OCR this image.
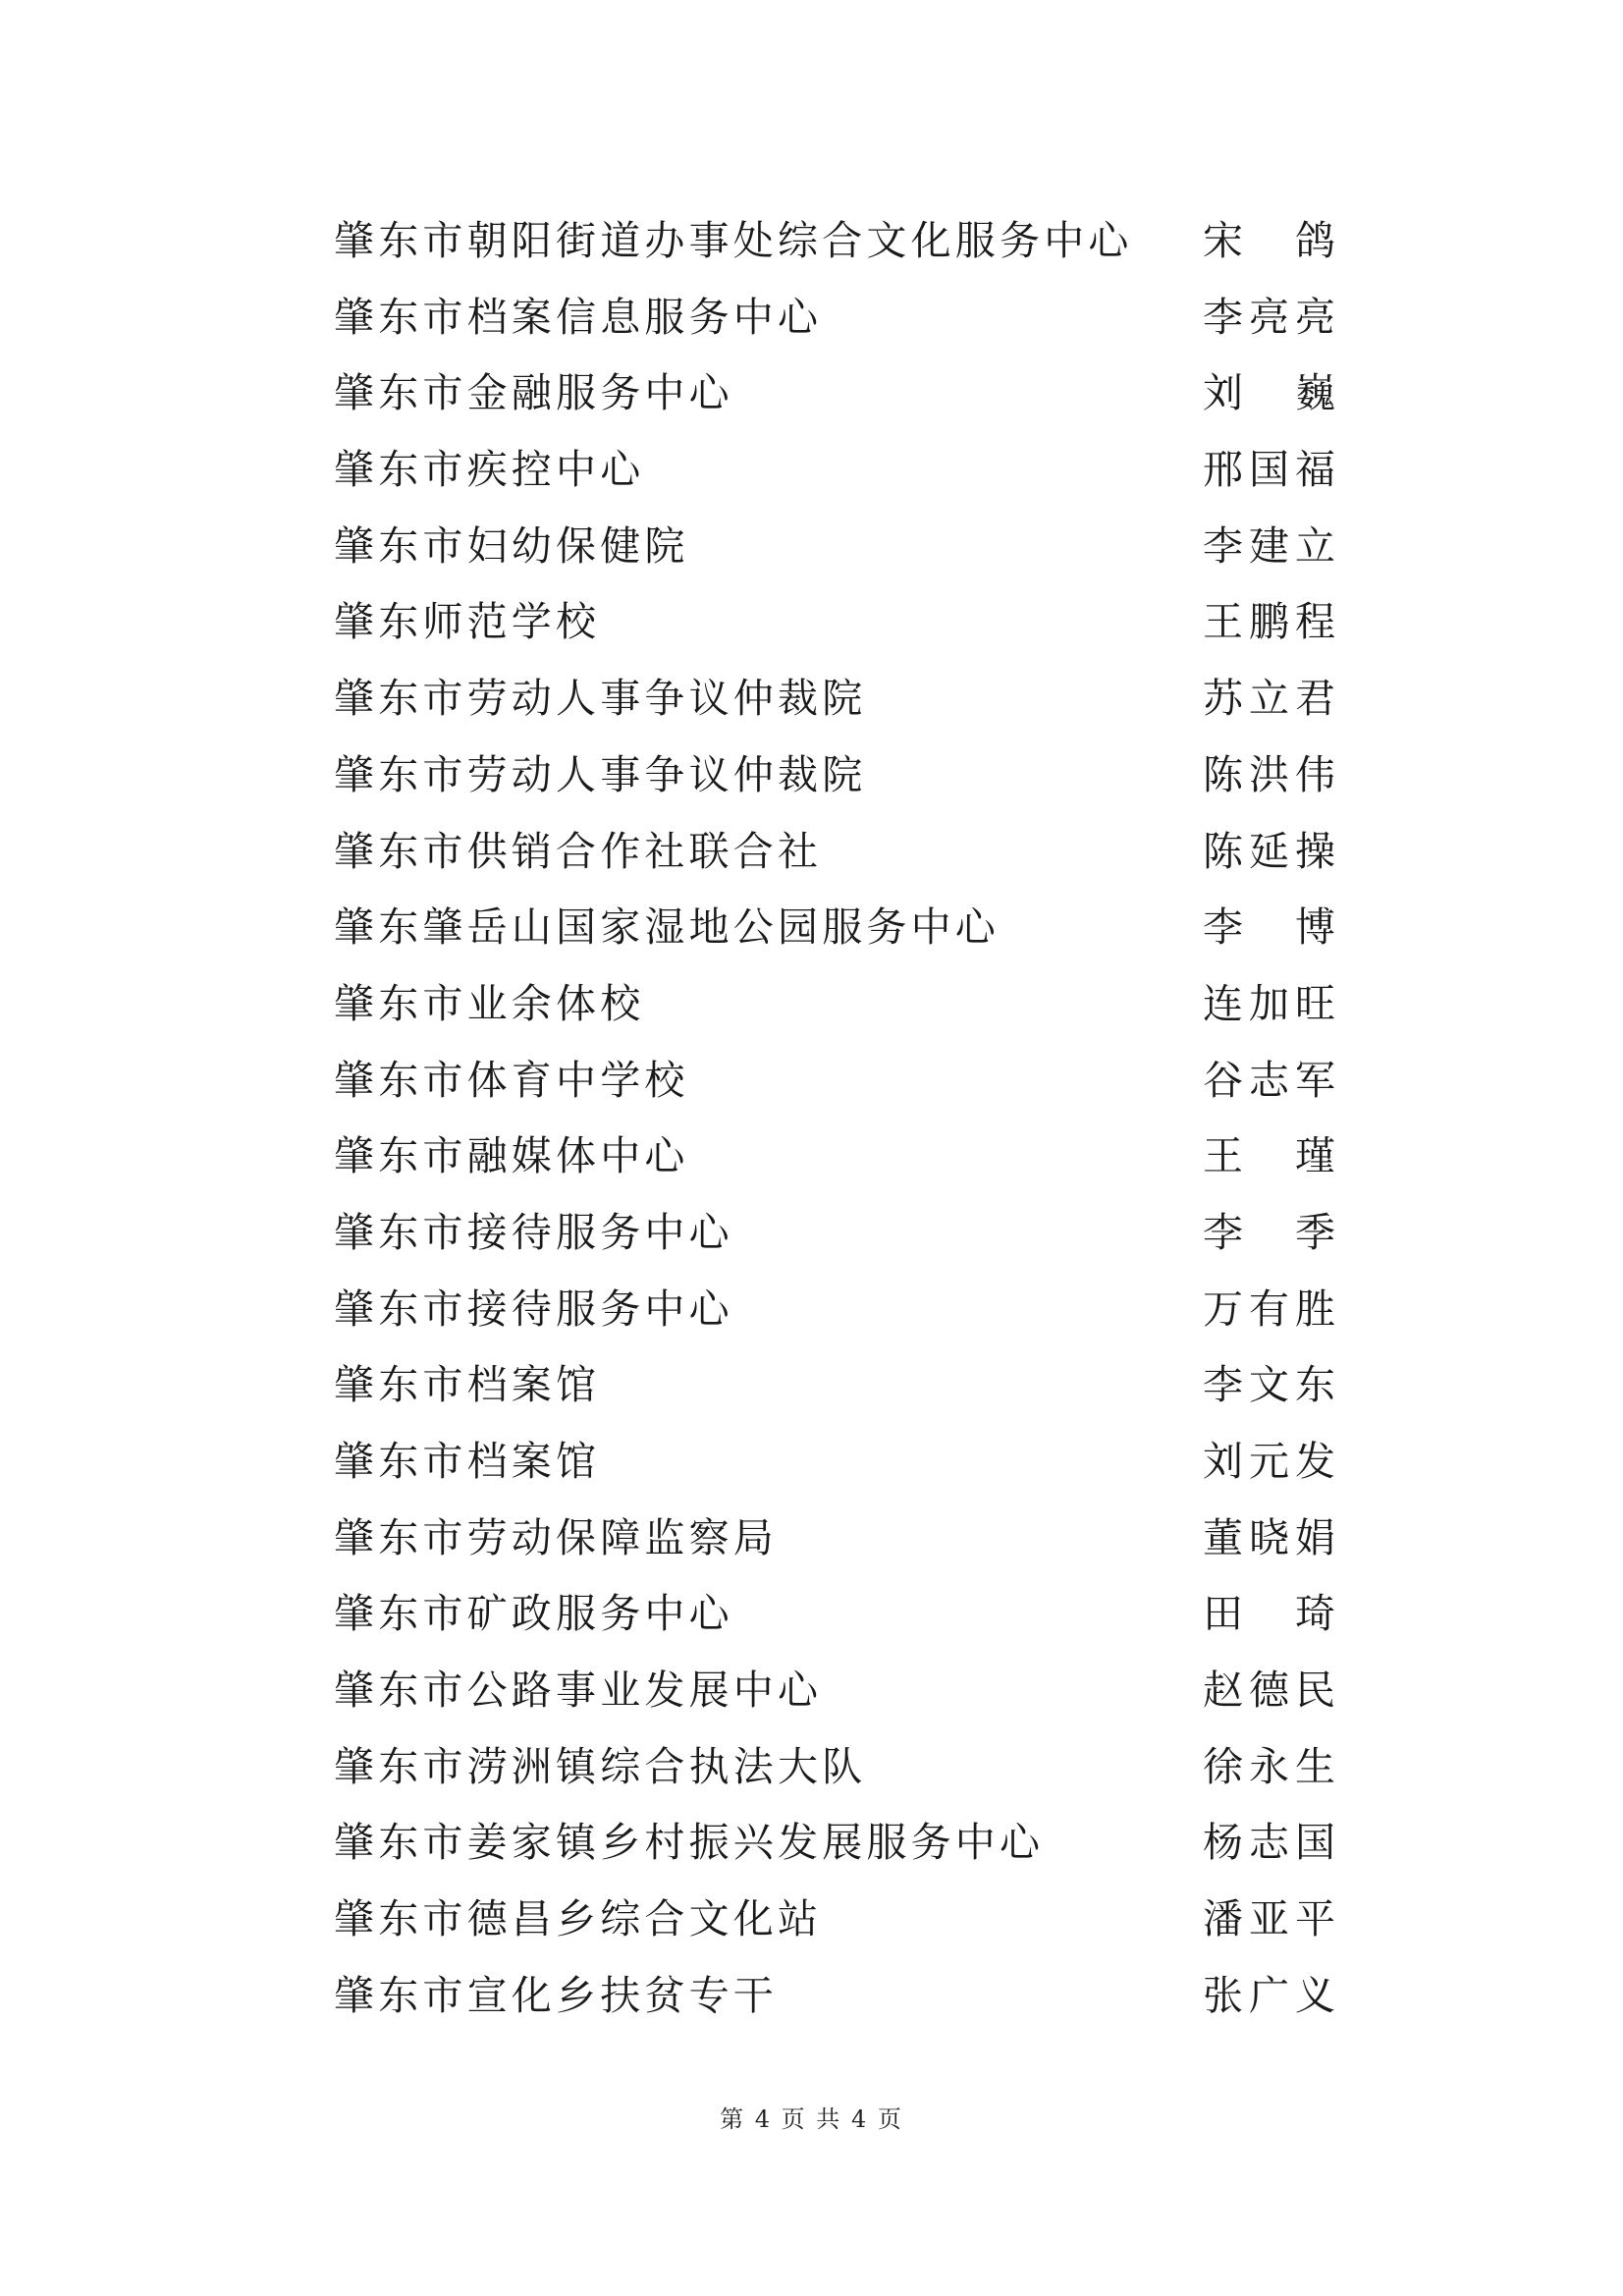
肇东市朝阳街道办事处综合文化服务中心 宋鸽
肇东市档案信息服务中心	李亮亮
肇东市金融服务中心	刘巍
肇东市疾控中心	邢国福
肇东市妇幼保健院	李建立
肇东师范学校	王鹏程
肇东市劳动人事争议仲裁院	苏立君
肇东市劳动人事争议仲裁院	陈洪伟
肇东市供销合作社联合社	陈延操
肇东肇岳山国家湿地公园服务中心	李博
肇东市业余体校	连加旺
肇东市体育中学校	谷志军
肇东市融媒体中心	王瑾
肇东市接待服务中心	李季
肇东市接待服务中心	万有胜
肇东市档案馆	李文东
肇东市档案馆	刘元发
肇东市劳动保障监察局	董晓娟
肇东市矿政服务中心	田琦
肇东市公路事业发展中心	赵德民
肇东市涝洲镇综合执法大队	徐永生
肇东市姜家镇乡村振兴发展服务中心	杨志国
肇东市德昌乡综合文化站	潘亚平
肇东市宣化乡扶贫专干	张广义
第 4 页 共 4 页
